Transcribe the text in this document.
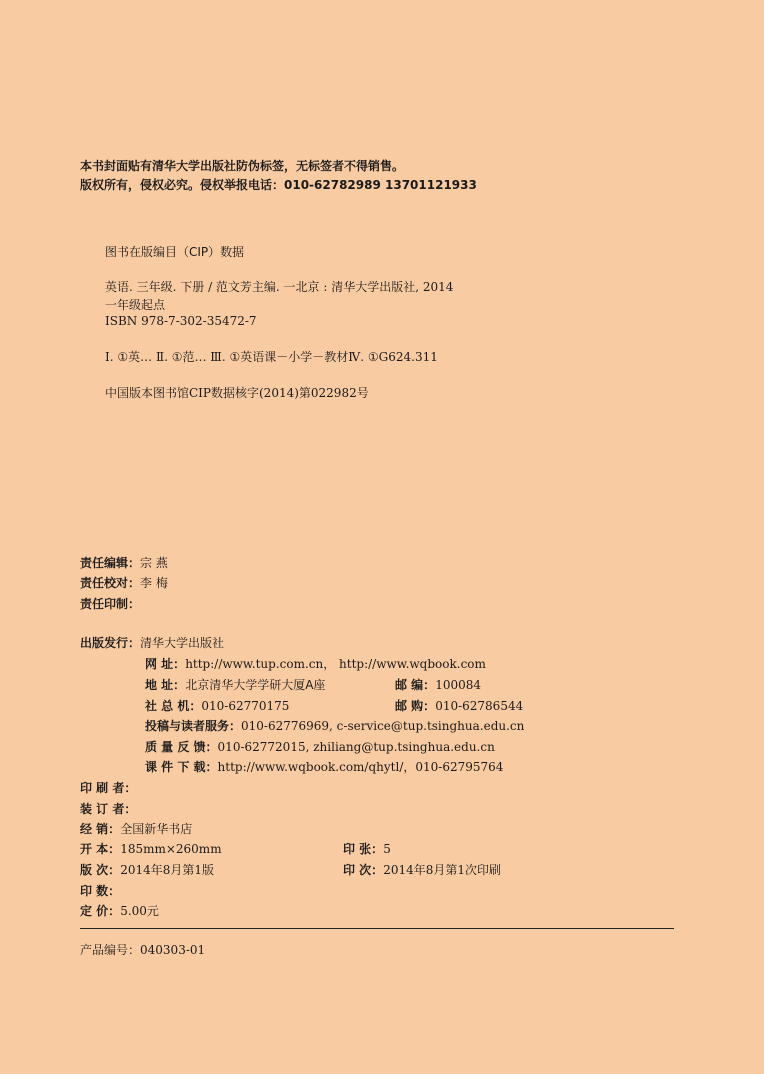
本书封面贴有清华大学出版社防伪标签，无标签者不得销售。
版权所有，侵权必究。侵权举报电话：010-62782989 13701121933
图书在版编目（CIP）数据
英语. 三年级. 下册 / 范文芳主编. 一北京 : 清华大学出版社, 2014
一年级起点
ISBN 978-7-302-35472-7
Ⅰ. ①英… Ⅱ. ①范… Ⅲ. ①英语课－小学－教材Ⅳ. ①G624.311
中国版本图书馆CIP数据核字(2014)第022982号
责任编辑：宗 燕
责任校对：李 梅
责任印制：
出版发行：清华大学出版社
网 址：http://www.tup.com.cn， http://www.wqbook.com
地 址：北京清华大学学研大厦A座	邮 编：100084
社 总 机：010-62770175	邮 购：010-62786544
投稿与读者服务：010-62776969, c-service@tup.tsinghua.edu.cn
质 量 反 馈：010-62772015, zhiliang@tup.tsinghua.edu.cn
课 件 下 载：http://www.wqbook.com/qhytl/，010-62795764
印 刷 者：
装 订 者：
经 销：全国新华书店
开 本：185mm×260mm	印 张：5
版 次：2014年8月第1版	印 次：2014年8月第1次印刷
印 数：
定 价：5.00元
产品编号：040303-01
